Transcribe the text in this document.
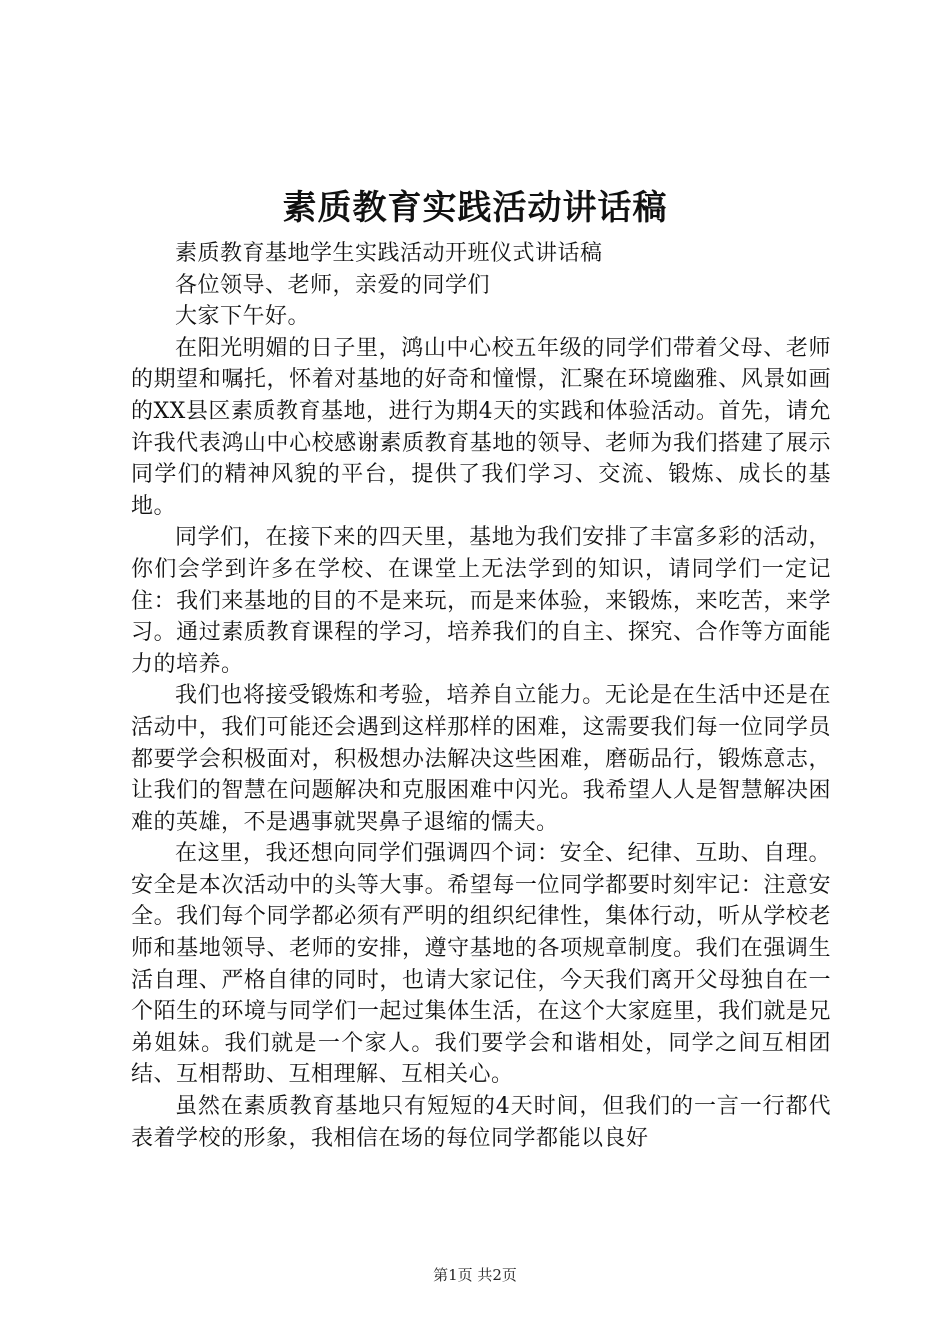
素质教育实践活动讲话稿

素质教育基地学生实践活动开班仪式讲话稿

各位领导、老师，亲爱的同学们

大家下午好。

在阳光明媚的日子里，鸿山中心校五年级的同学们带着父母、老师的期望和嘱托，怀着对基地的好奇和憧憬，汇聚在环境幽雅、风景如画的XX县区素质教育基地，进行为期4天的实践和体验活动。首先，请允许我代表鸿山中心校感谢素质教育基地的领导、老师为我们搭建了展示同学们的精神风貌的平台，提供了我们学习、交流、锻炼、成长的基地。

同学们，在接下来的四天里，基地为我们安排了丰富多彩的活动，你们会学到许多在学校、在课堂上无法学到的知识，请同学们一定记住：我们来基地的目的不是来玩，而是来体验，来锻炼，来吃苦，来学习。通过素质教育课程的学习，培养我们的自主、探究、合作等方面能力的培养。

我们也将接受锻炼和考验，培养自立能力。无论是在生活中还是在活动中，我们可能还会遇到这样那样的困难，这需要我们每一位同学员都要学会积极面对，积极想办法解决这些困难，磨砺品行，锻炼意志，让我们的智慧在问题解决和克服困难中闪光。我希望人人是智慧解决困难的英雄，不是遇事就哭鼻子退缩的懦夫。

在这里，我还想向同学们强调四个词：安全、纪律、互助、自理。安全是本次活动中的头等大事。希望每一位同学都要时刻牢记：注意安全。我们每个同学都必须有严明的组织纪律性，集体行动，听从学校老师和基地领导、老师的安排，遵守基地的各项规章制度。我们在强调生活自理、严格自律的同时，也请大家记住，今天我们离开父母独自在一个陌生的环境与同学们一起过集体生活，在这个大家庭里，我们就是兄弟姐妹。我们就是一个家人。我们要学会和谐相处，同学之间互相团结、互相帮助、互相理解、互相关心。

虽然在素质教育基地只有短短的4天时间，但我们的一言一行都代表着学校的形象，我相信在场的每位同学都能以良好

第1页 共2页
